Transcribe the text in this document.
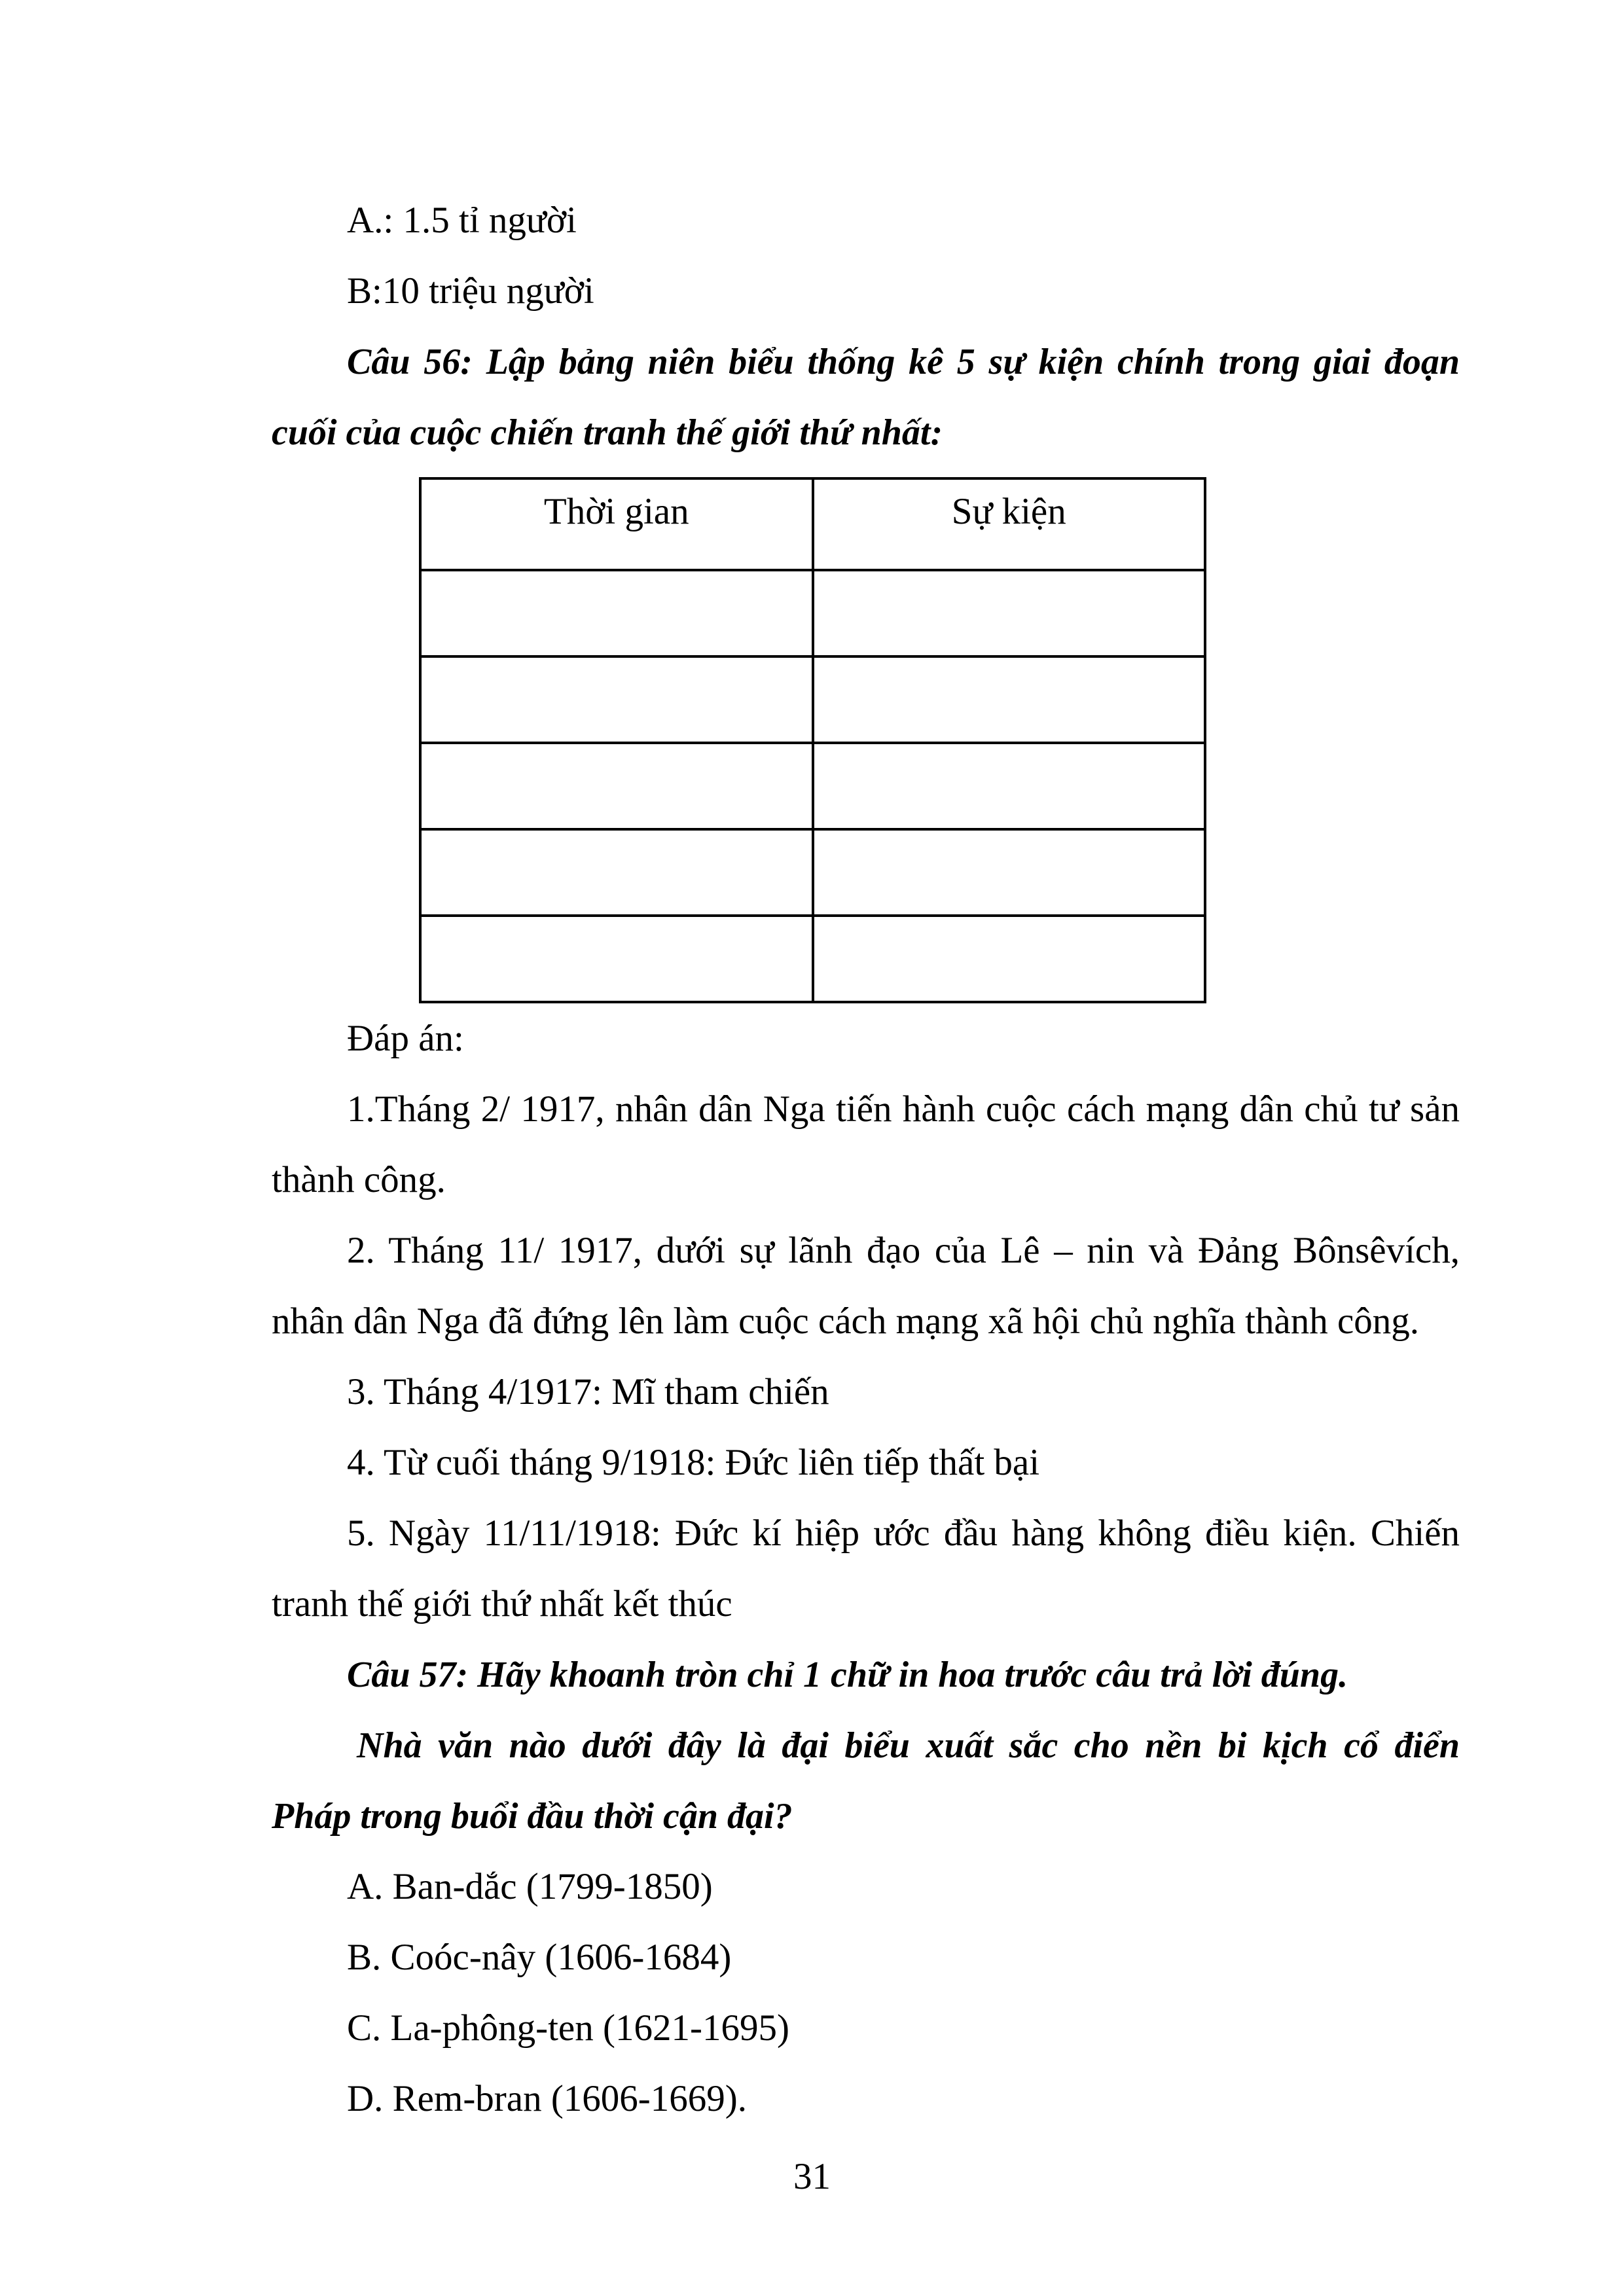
A.: 1.5 tỉ người
B:10 triệu người
Câu 56: Lập bảng niên biểu thống kê 5 sự kiện chính trong giai đoạn
cuối của cuộc chiến tranh thế giới thứ nhất:
Thời gian	Sự kiện

Đáp án:
1.Tháng 2/ 1917, nhân dân Nga tiến hành cuộc cách mạng dân chủ tư sản
thành công.
2. Tháng 11/ 1917, dưới sự lãnh đạo của Lê – nin và Đảng Bônsêvích,
nhân dân Nga đã đứng lên làm cuộc cách mạng xã hội chủ nghĩa thành công.
3. Tháng 4/1917: Mĩ tham chiến
4. Từ cuối tháng 9/1918: Đức liên tiếp thất bại
5. Ngày 11/11/1918: Đức kí hiệp ước đầu hàng không điều kiện. Chiến
tranh thế giới thứ nhất kết thúc
Câu 57: Hãy khoanh tròn chỉ 1 chữ in hoa trước câu trả lời đúng.
Nhà văn nào dưới đây là đại biểu xuất sắc cho nền bi kịch cổ điển
Pháp trong buổi đầu thời cận đại?
A. Ban-dắc (1799-1850)
B. Coóc-nây (1606-1684)
C. La-phông-ten (1621-1695)
D. Rem-bran (1606-1669).
31
